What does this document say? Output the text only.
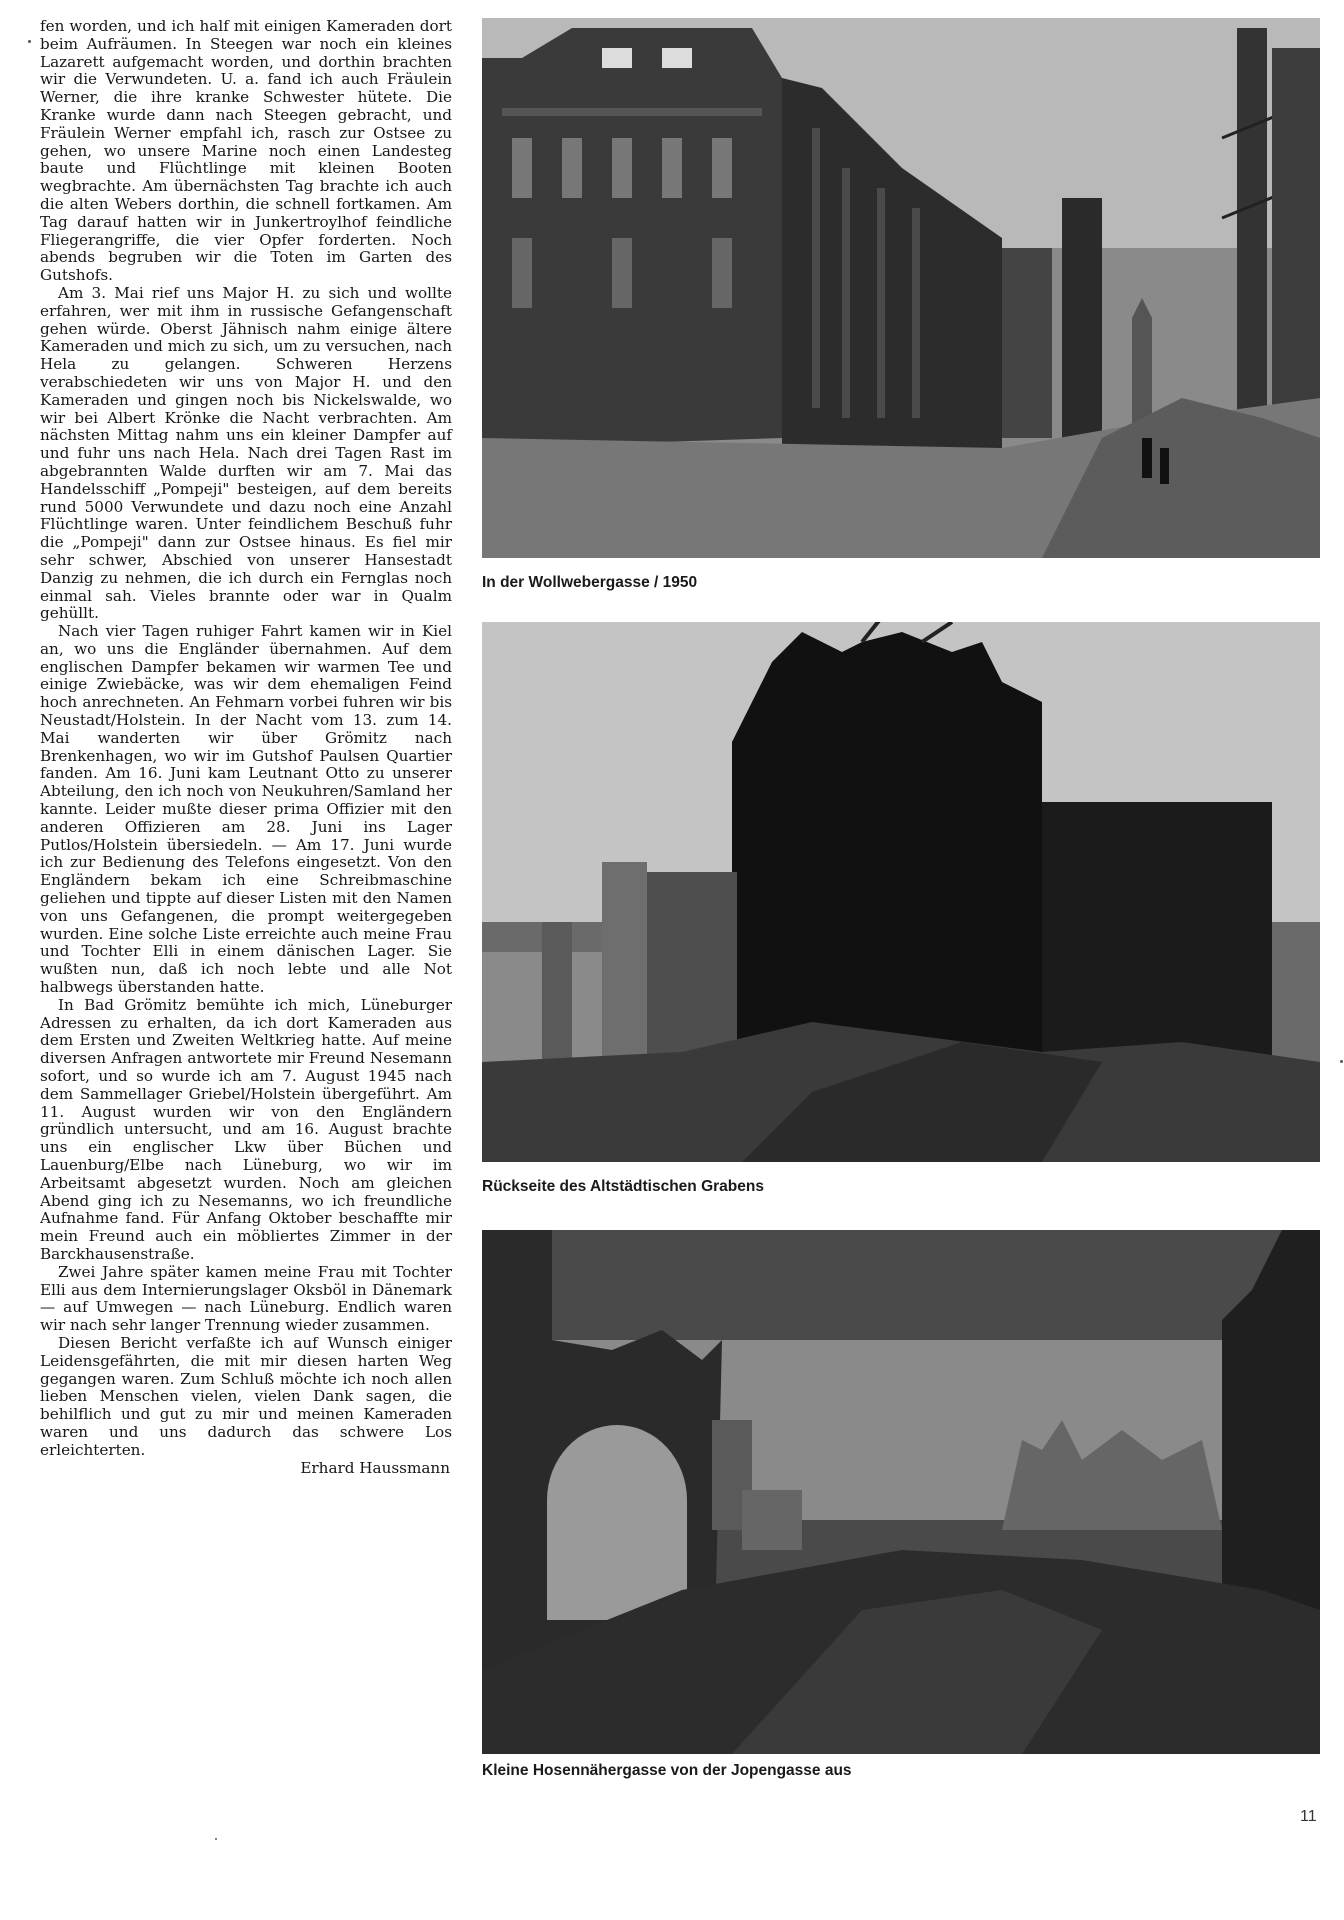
fen worden, und ich half mit einigen Kameraden dort beim Aufräumen. In Steegen war noch ein kleines Lazarett aufgemacht worden, und dorthin brachten wir die Verwundeten. U. a. fand ich auch Fräulein Werner, die ihre kranke Schwester hütete. Die Kranke wurde dann nach Steegen gebracht, und Fräulein Werner empfahl ich, rasch zur Ostsee zu gehen, wo unsere Marine noch einen Landesteg baute und Flüchtlinge mit kleinen Booten wegbrachte. Am übernächsten Tag brachte ich auch die alten Webers dorthin, die schnell fortkamen. Am Tag darauf hatten wir in Junkertroylhof feindliche Fliegerangriffe, die vier Opfer forderten. Noch abends begruben wir die Toten im Garten des Gutshofs.

Am 3. Mai rief uns Major H. zu sich und wollte erfahren, wer mit ihm in russische Gefangenschaft gehen würde. Oberst Jähnisch nahm einige ältere Kameraden und mich zu sich, um zu versuchen, nach Hela zu gelangen. Schweren Herzens verabschiedeten wir uns von Major H. und den Kameraden und gingen noch bis Nickelswalde, wo wir bei Albert Krönke die Nacht verbrachten. Am nächsten Mittag nahm uns ein kleiner Dampfer auf und fuhr uns nach Hela. Nach drei Tagen Rast im abgebrannten Walde durften wir am 7. Mai das Handelsschiff „Pompeji" besteigen, auf dem bereits rund 5000 Verwundete und dazu noch eine Anzahl Flüchtlinge waren. Unter feindlichem Beschuß fuhr die „Pompeji" dann zur Ostsee hinaus. Es fiel mir sehr schwer, Abschied von unserer Hansestadt Danzig zu nehmen, die ich durch ein Fernglas noch einmal sah. Vieles brannte oder war in Qualm gehüllt.

Nach vier Tagen ruhiger Fahrt kamen wir in Kiel an, wo uns die Engländer übernahmen. Auf dem englischen Dampfer bekamen wir warmen Tee und einige Zwiebäcke, was wir dem ehemaligen Feind hoch anrechneten. An Fehmarn vorbei fuhren wir bis Neustadt/Holstein. In der Nacht vom 13. zum 14. Mai wanderten wir über Grömitz nach Brenkenhagen, wo wir im Gutshof Paulsen Quartier fanden. Am 16. Juni kam Leutnant Otto zu unserer Abteilung, den ich noch von Neukuhren/Samland her kannte. Leider mußte dieser prima Offizier mit den anderen Offizieren am 28. Juni ins Lager Putlos/Holstein übersiedeln. — Am 17. Juni wurde ich zur Bedienung des Telefons eingesetzt. Von den Engländern bekam ich eine Schreibmaschine geliehen und tippte auf dieser Listen mit den Namen von uns Gefangenen, die prompt weitergegeben wurden. Eine solche Liste erreichte auch meine Frau und Tochter Elli in einem dänischen Lager. Sie wußten nun, daß ich noch lebte und alle Not halbwegs überstanden hatte.

In Bad Grömitz bemühte ich mich, Lüneburger Adressen zu erhalten, da ich dort Kameraden aus dem Ersten und Zweiten Weltkrieg hatte. Auf meine diversen Anfragen antwortete mir Freund Nesemann sofort, und so wurde ich am 7. August 1945 nach dem Sammellager Griebel/Holstein übergeführt. Am 11. August wurden wir von den Engländern gründlich untersucht, und am 16. August brachte uns ein englischer Lkw über Büchen und Lauenburg/Elbe nach Lüneburg, wo wir im Arbeitsamt abgesetzt wurden. Noch am gleichen Abend ging ich zu Nesemanns, wo ich freundliche Aufnahme fand. Für Anfang Oktober beschaffte mir mein Freund auch ein möbliertes Zimmer in der Barckhausenstraße.

Zwei Jahre später kamen meine Frau mit Tochter Elli aus dem Internierungslager Oksböl in Dänemark — auf Umwegen — nach Lüneburg. Endlich waren wir nach sehr langer Trennung wieder zusammen.

Diesen Bericht verfaßte ich auf Wunsch einiger Leidensgefährten, die mit mir diesen harten Weg gegangen waren. Zum Schluß möchte ich noch allen lieben Menschen vielen, vielen Dank sagen, die behilflich und gut zu mir und meinen Kameraden waren und uns dadurch das schwere Los erleichterten.

Erhard Haussmann

In der Wollwebergasse / 1950
Rückseite des Altstädtischen Grabens
Kleine Hosennähergasse von der Jopengasse aus
11
